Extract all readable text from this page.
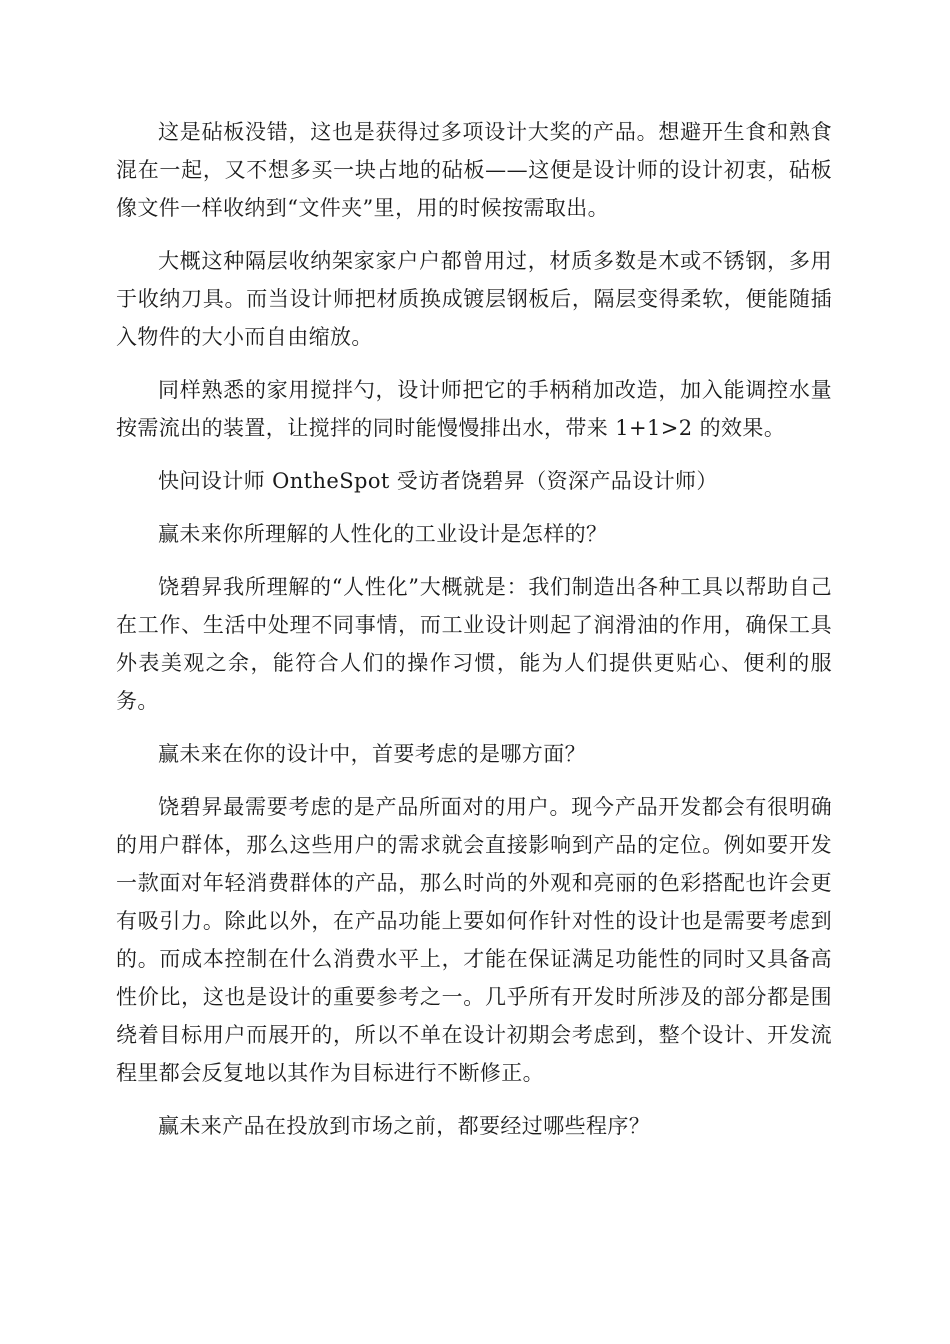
这是砧板没错，这也是获得过多项设计大奖的产品。想避开生食和熟食混在一起，又不想多买一块占地的砧板——这便是设计师的设计初衷，砧板像文件一样收纳到“文件夹”里，用的时候按需取出。

大概这种隔层收纳架家家户户都曾用过，材质多数是木或不锈钢，多用于收纳刀具。而当设计师把材质换成镀层钢板后，隔层变得柔软，便能随插入物件的大小而自由缩放。

同样熟悉的家用搅拌勺，设计师把它的手柄稍加改造，加入能调控水量按需流出的装置，让搅拌的同时能慢慢排出水，带来 1+1>2 的效果。

快问设计师 OntheSpot 受访者饶碧昇（资深产品设计师）

赢未来你所理解的人性化的工业设计是怎样的？

饶碧昇我所理解的“人性化”大概就是：我们制造出各种工具以帮助自己在工作、生活中处理不同事情，而工业设计则起了润滑油的作用，确保工具外表美观之余，能符合人们的操作习惯，能为人们提供更贴心、便利的服务。

赢未来在你的设计中，首要考虑的是哪方面？

饶碧昇最需要考虑的是产品所面对的用户。现今产品开发都会有很明确的用户群体，那么这些用户的需求就会直接影响到产品的定位。例如要开发一款面对年轻消费群体的产品，那么时尚的外观和亮丽的色彩搭配也许会更有吸引力。除此以外，在产品功能上要如何作针对性的设计也是需要考虑到的。而成本控制在什么消费水平上，才能在保证满足功能性的同时又具备高性价比，这也是设计的重要参考之一。几乎所有开发时所涉及的部分都是围绕着目标用户而展开的，所以不单在设计初期会考虑到，整个设计、开发流程里都会反复地以其作为目标进行不断修正。

赢未来产品在投放到市场之前，都要经过哪些程序？
